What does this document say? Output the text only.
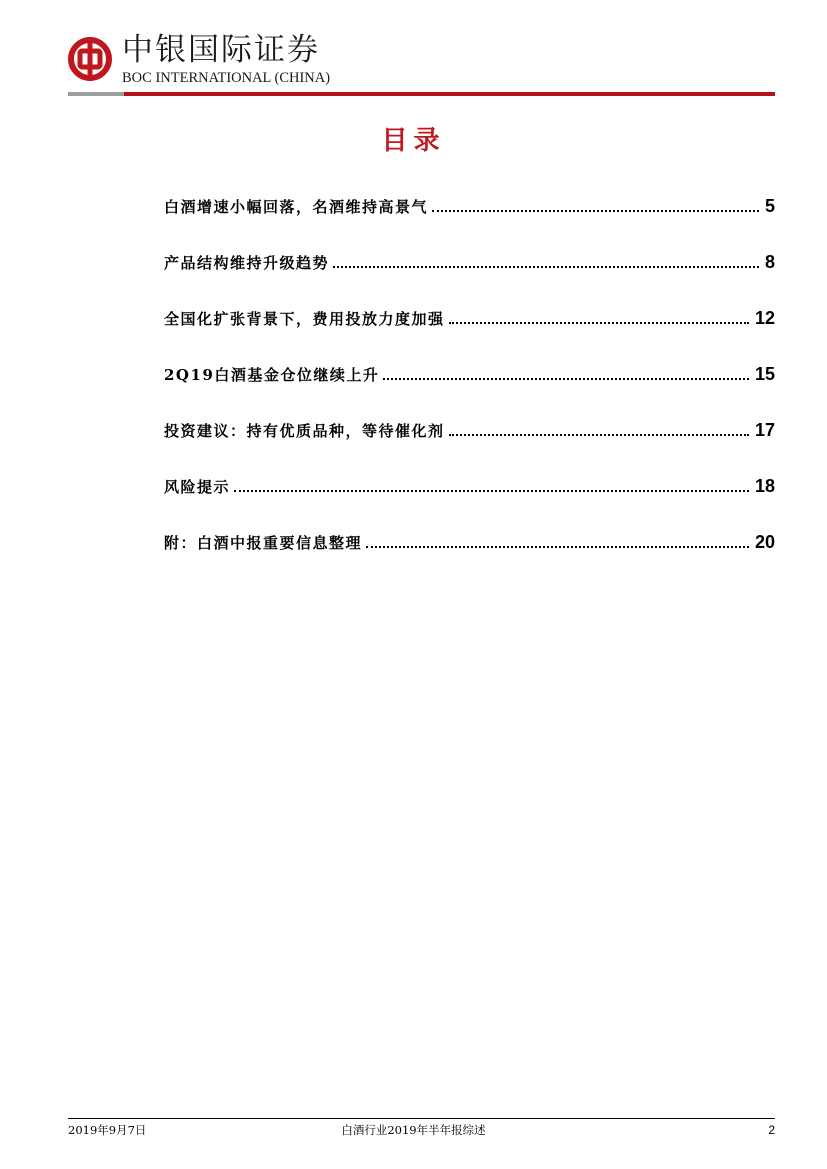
中银国际证券
BOC INTERNATIONAL (CHINA)
目录
白酒增速小幅回落，名酒维持高景气	5
产品结构维持升级趋势	8
全国化扩张背景下，费用投放力度加强	12
2Q19白酒基金仓位继续上升	15
投资建议：持有优质品种，等待催化剂	17
风险提示	18
附：白酒中报重要信息整理	20
2019年9月7日	白酒行业2019年半年报综述	2
